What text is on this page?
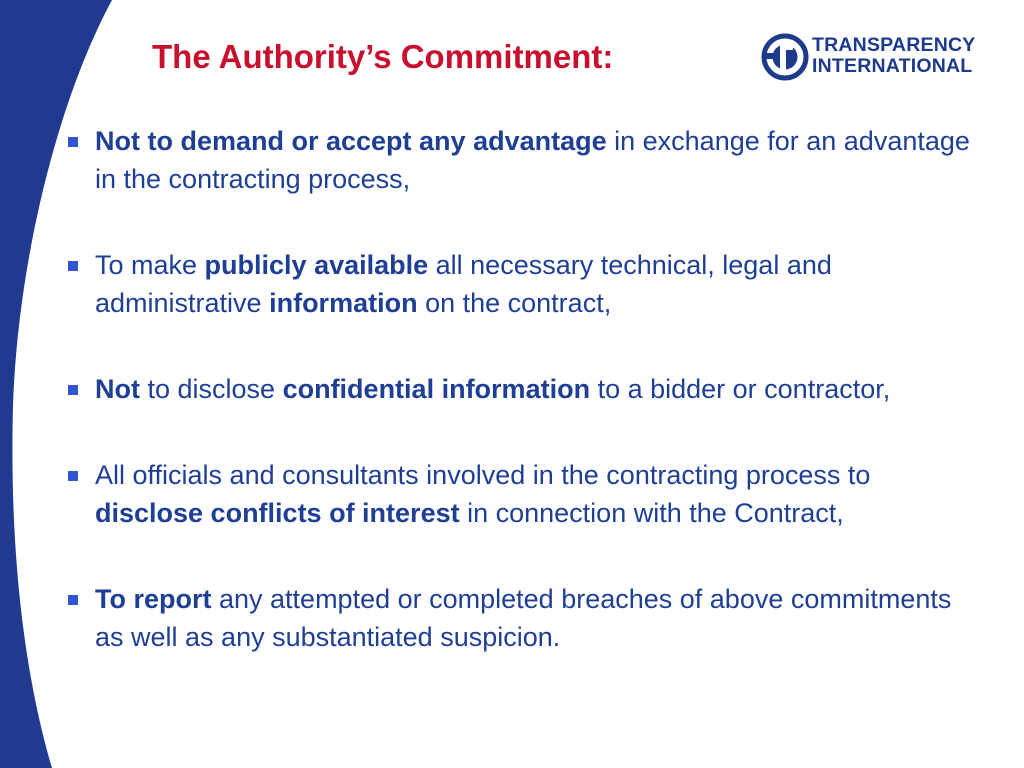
The Authority’s Commitment:	TRANSPARENCY
INTERNATIONAL
Not to demand or accept any advantage in exchange for an advantage in the contracting process,
To make publicly available all necessary technical, legal and administrative information on the contract,
Not to disclose confidential information to a bidder or contractor,
All officials and consultants involved in the contracting process to disclose conflicts of interest in connection with the Contract,
To report any attempted or completed breaches of above commitments as well as any substantiated suspicion.
